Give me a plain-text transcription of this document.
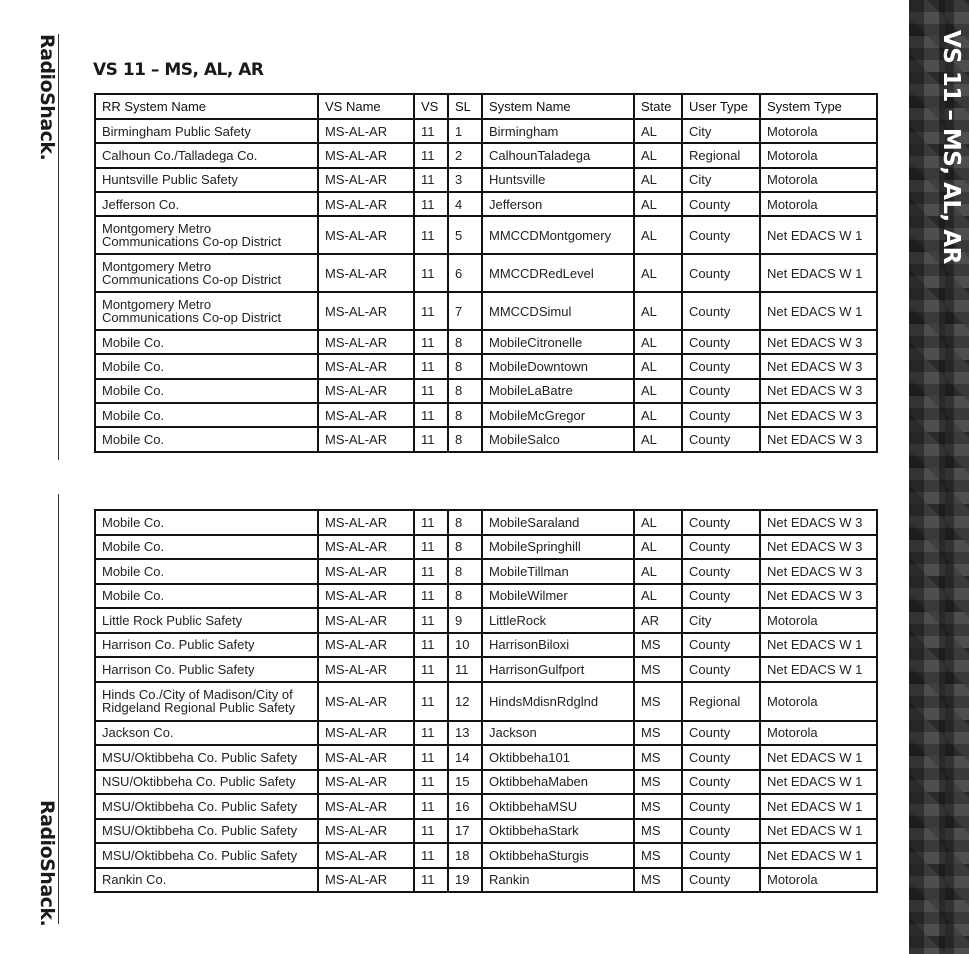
RadioShack.
RadioShack.
VS 11 – MS, AL, AR
RR System Name	VS Name	VS	SL	System Name	State	User Type	System Type
Birmingham Public Safety	MS-AL-AR	11	1	Birmingham	AL	City	Motorola
Calhoun Co./Talladega Co.	MS-AL-AR	11	2	CalhounTaladega	AL	Regional	Motorola
Huntsville Public Safety	MS-AL-AR	11	3	Huntsville	AL	City	Motorola
Jefferson Co.	MS-AL-AR	11	4	Jefferson	AL	County	Motorola
Montgomery Metro Communications Co-op District	MS-AL-AR	11	5	MMCCDMontgomery	AL	County	Net EDACS W 1
Montgomery Metro Communications Co-op District	MS-AL-AR	11	6	MMCCDRedLevel	AL	County	Net EDACS W 1
Montgomery Metro Communications Co-op District	MS-AL-AR	11	7	MMCCDSimul	AL	County	Net EDACS W 1
Mobile Co.	MS-AL-AR	11	8	MobileCitronelle	AL	County	Net EDACS W 3
Mobile Co.	MS-AL-AR	11	8	MobileDowntown	AL	County	Net EDACS W 3
Mobile Co.	MS-AL-AR	11	8	MobileLaBatre	AL	County	Net EDACS W 3
Mobile Co.	MS-AL-AR	11	8	MobileMcGregor	AL	County	Net EDACS W 3
Mobile Co.	MS-AL-AR	11	8	MobileSalco	AL	County	Net EDACS W 3
Mobile Co.	MS-AL-AR	11	8	MobileSaraland	AL	County	Net EDACS W 3
Mobile Co.	MS-AL-AR	11	8	MobileSpringhill	AL	County	Net EDACS W 3
Mobile Co.	MS-AL-AR	11	8	MobileTillman	AL	County	Net EDACS W 3
Mobile Co.	MS-AL-AR	11	8	MobileWilmer	AL	County	Net EDACS W 3
Little Rock Public Safety	MS-AL-AR	11	9	LittleRock	AR	City	Motorola
Harrison Co. Public Safety	MS-AL-AR	11	10	HarrisonBiloxi	MS	County	Net EDACS W 1
Harrison Co. Public Safety	MS-AL-AR	11	11	HarrisonGulfport	MS	County	Net EDACS W 1
Hinds Co./City of Madison/City of Ridgeland Regional Public Safety	MS-AL-AR	11	12	HindsMdisnRdglnd	MS	Regional	Motorola
Jackson Co.	MS-AL-AR	11	13	Jackson	MS	County	Motorola
MSU/Oktibbeha Co. Public Safety	MS-AL-AR	11	14	Oktibbeha101	MS	County	Net EDACS W 1
NSU/Oktibbeha Co. Public Safety	MS-AL-AR	11	15	OktibbehaMaben	MS	County	Net EDACS W 1
MSU/Oktibbeha Co. Public Safety	MS-AL-AR	11	16	OktibbehaMSU	MS	County	Net EDACS W 1
MSU/Oktibbeha Co. Public Safety	MS-AL-AR	11	17	OktibbehaStark	MS	County	Net EDACS W 1
MSU/Oktibbeha Co. Public Safety	MS-AL-AR	11	18	OktibbehaSturgis	MS	County	Net EDACS W 1
Rankin Co.	MS-AL-AR	11	19	Rankin	MS	County	Motorola
VS 11 – MS, AL, AR
